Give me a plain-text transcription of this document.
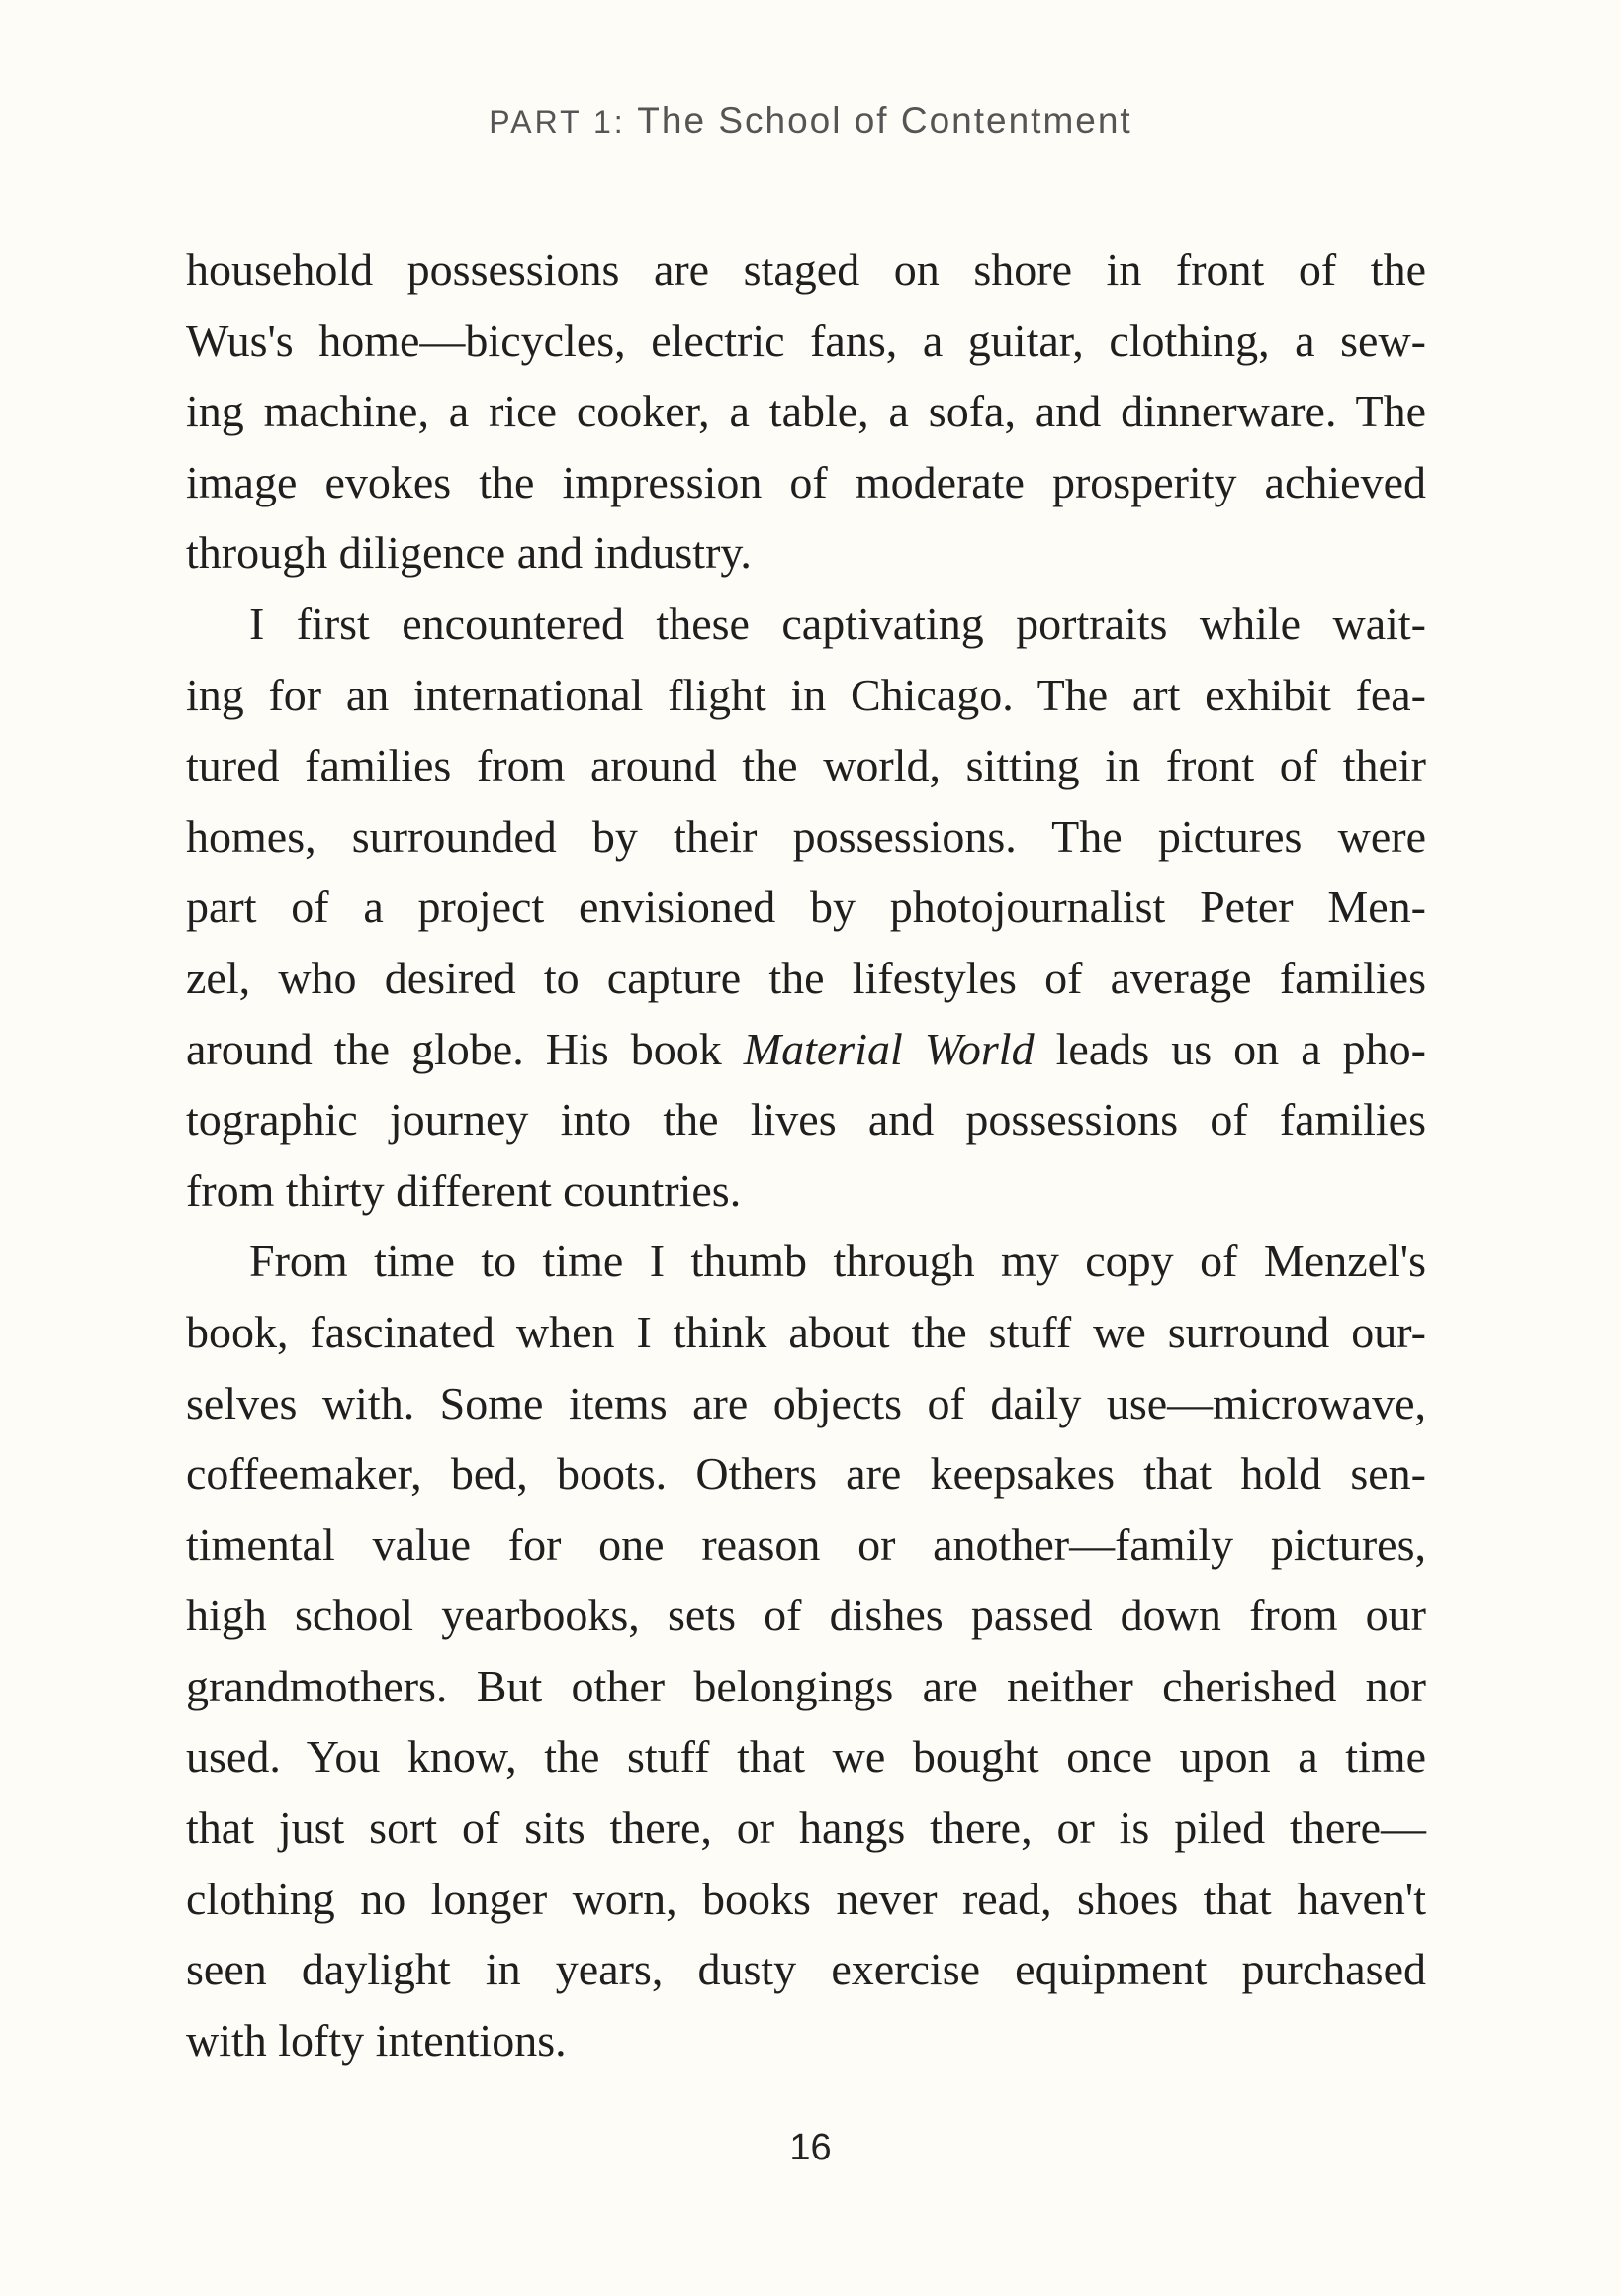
PART 1: The School of Contentment
household possessions are staged on shore in front of the
Wus's home—bicycles, electric fans, a guitar, clothing, a sew-
ing machine, a rice cooker, a table, a sofa, and dinnerware. The
image evokes the impression of moderate prosperity achieved
through diligence and industry.
I first encountered these captivating portraits while wait-
ing for an international flight in Chicago. The art exhibit fea-
tured families from around the world, sitting in front of their
homes, surrounded by their possessions. The pictures were
part of a project envisioned by photojournalist Peter Men-
zel, who desired to capture the lifestyles of average families
around the globe. His book Material World leads us on a pho-
tographic journey into the lives and possessions of families
from thirty different countries.
From time to time I thumb through my copy of Menzel's
book, fascinated when I think about the stuff we surround our-
selves with. Some items are objects of daily use—microwave,
coffeemaker, bed, boots. Others are keepsakes that hold sen-
timental value for one reason or another—family pictures,
high school yearbooks, sets of dishes passed down from our
grandmothers. But other belongings are neither cherished nor
used. You know, the stuff that we bought once upon a time
that just sort of sits there, or hangs there, or is piled there—
clothing no longer worn, books never read, shoes that haven't
seen daylight in years, dusty exercise equipment purchased
with lofty intentions.
16
